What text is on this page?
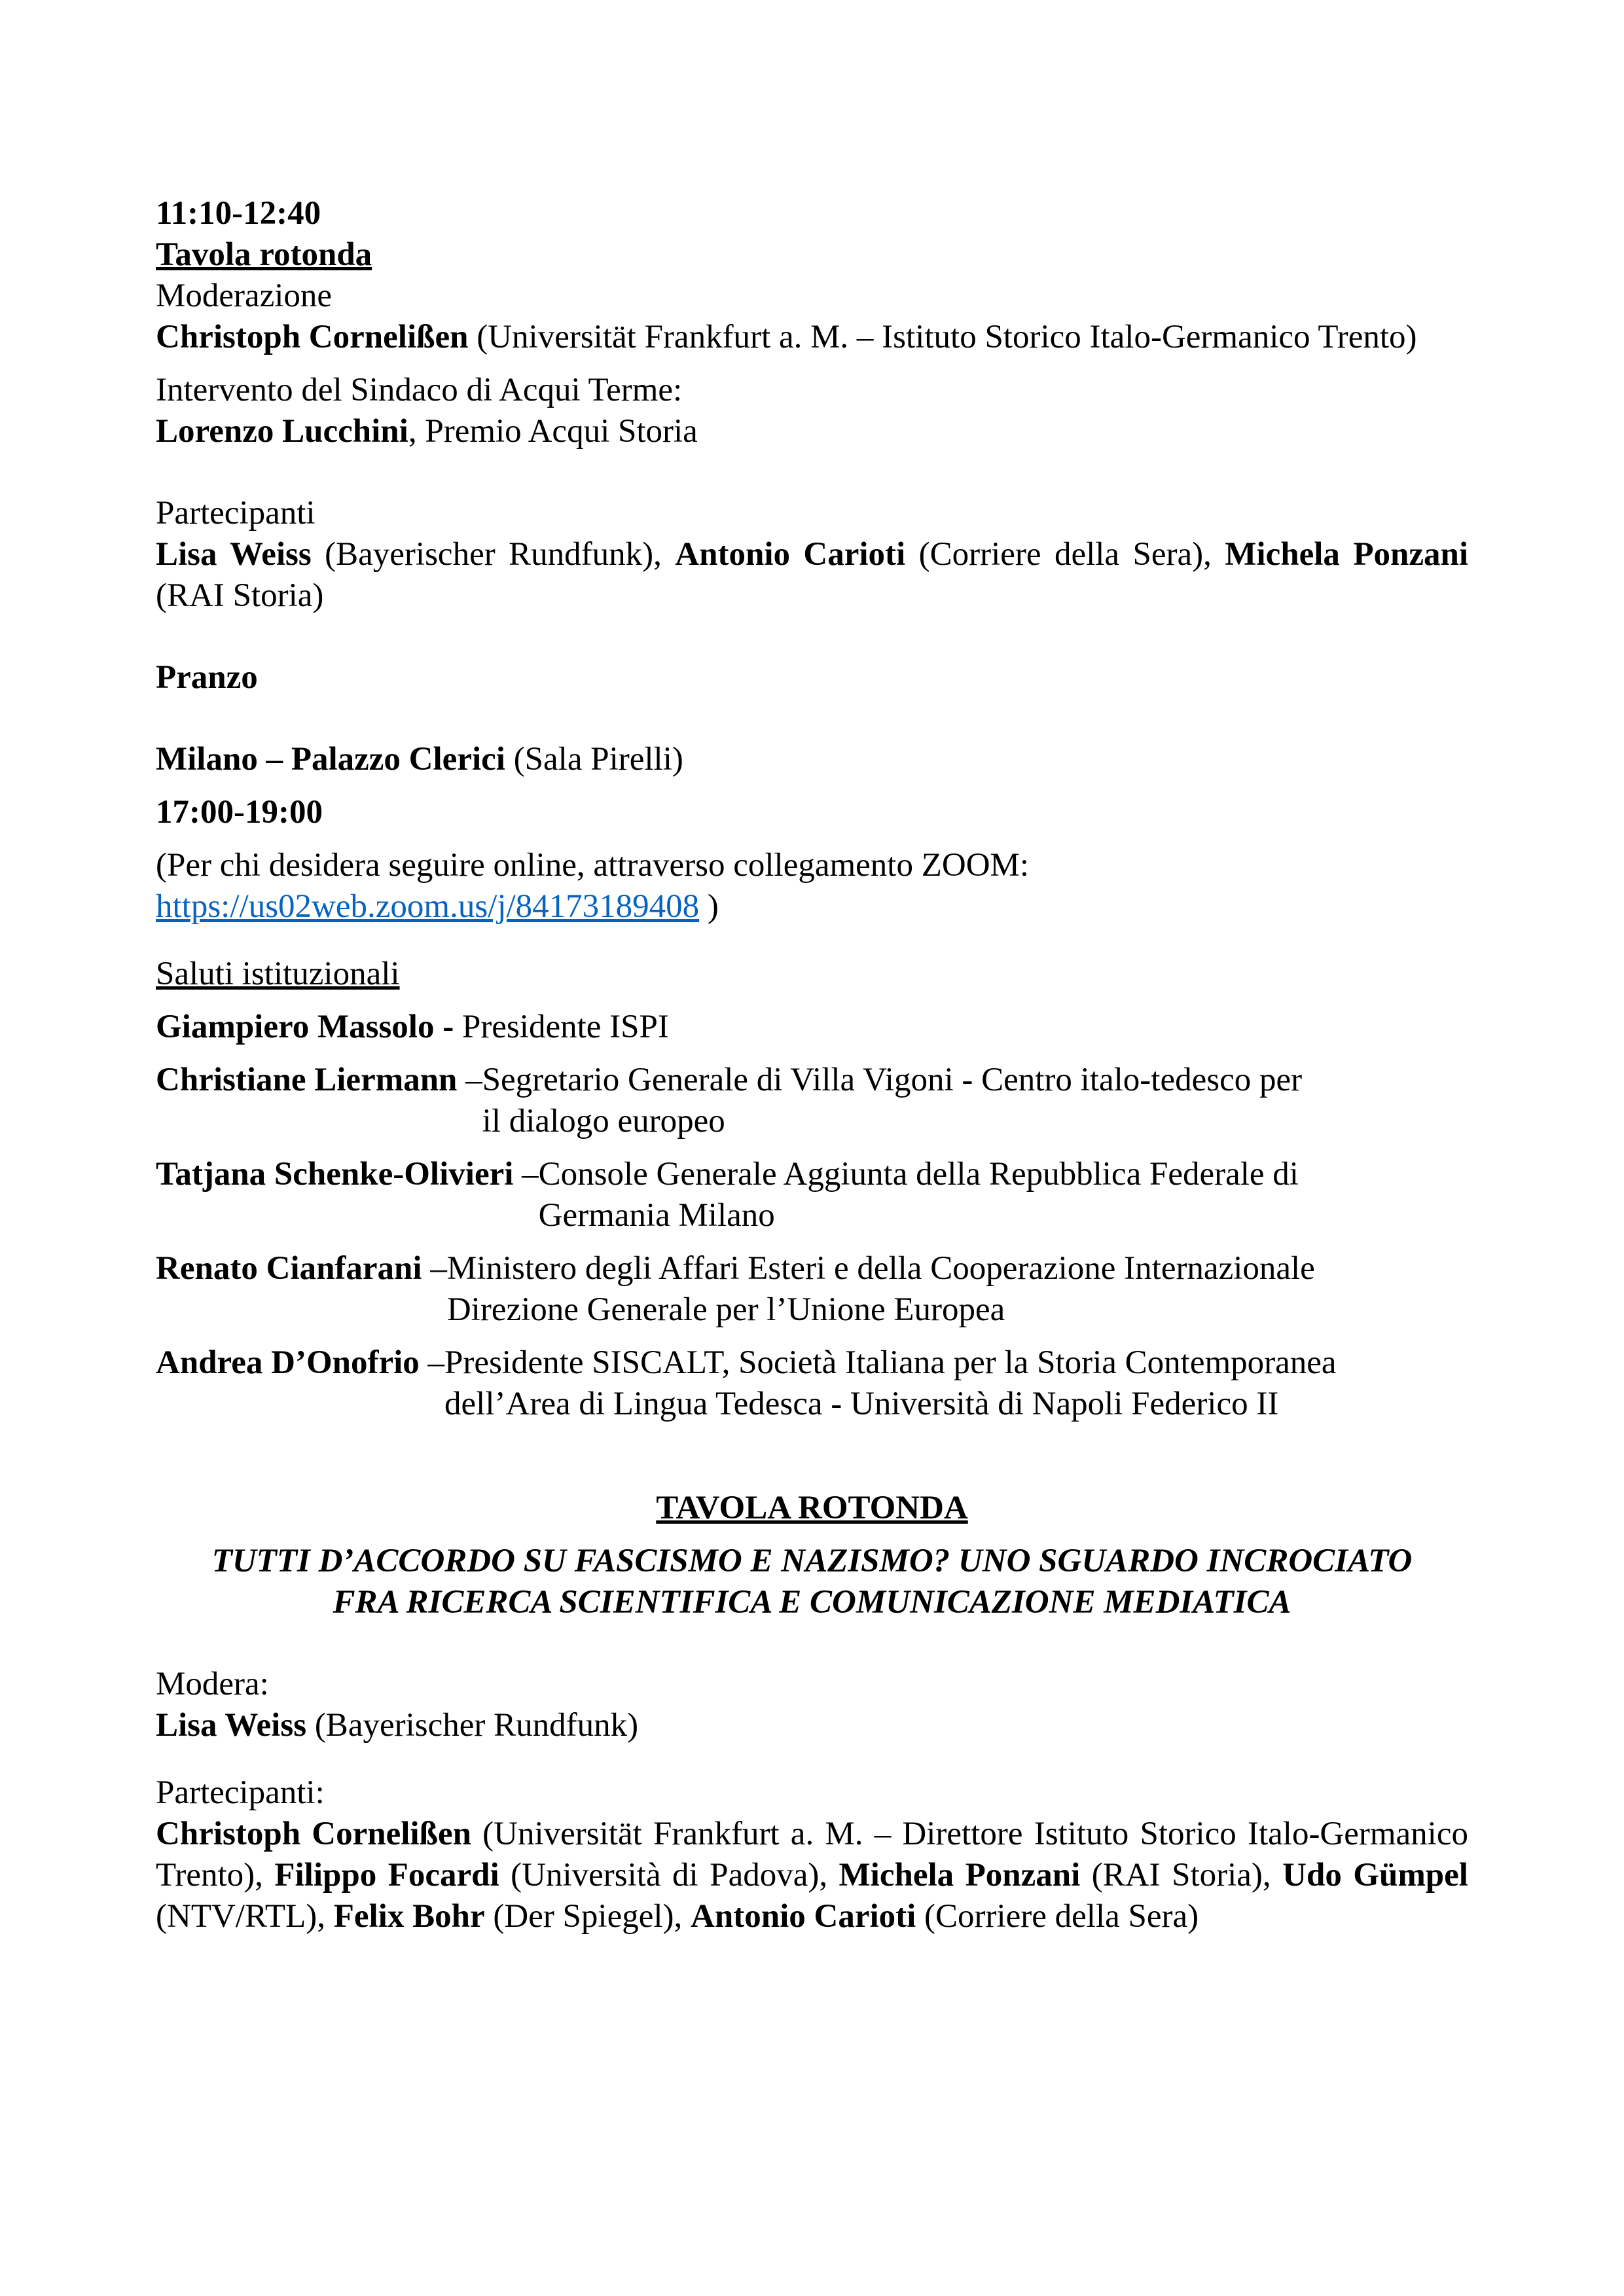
11:10-12:40

Tavola rotonda

Moderazione

Christoph Cornelißen (Universität Frankfurt a. M. – Istituto Storico Italo-Germanico Trento)

Intervento del Sindaco di Acqui Terme:

Lorenzo Lucchini, Premio Acqui Storia

Partecipanti

Lisa Weiss (Bayerischer Rundfunk), Antonio Carioti (Corriere della Sera), Michela Ponzani (RAI Storia)

Pranzo

Milano – Palazzo Clerici (Sala Pirelli)

17:00-19:00

(Per chi desidera seguire online, attraverso collegamento ZOOM:

https://us02web.zoom.us/j/84173189408 )

Saluti istituzionali

Giampiero Massolo - Presidente ISPI

Christiane Liermann – Segretario Generale di Villa Vigoni - Centro italo-tedesco per il dialogo europeo
Tatjana Schenke-Olivieri – Console Generale Aggiunta della Repubblica Federale di Germania Milano
Renato Cianfarani – Ministero degli Affari Esteri e della Cooperazione Internazionale Direzione Generale per l’Unione Europea
Andrea D’Onofrio – Presidente SISCALT, Società Italiana per la Storia Contemporanea dell’Area di Lingua Tedesca - Università di Napoli Federico II

TAVOLA ROTONDA

TUTTI D’ACCORDO SU FASCISMO E NAZISMO? UNO SGUARDO INCROCIATO

FRA RICERCA SCIENTIFICA E COMUNICAZIONE MEDIATICA

Modera:

Lisa Weiss (Bayerischer Rundfunk)

Partecipanti:

Christoph Cornelißen (Universität Frankfurt a. M. – Direttore Istituto Storico Italo-Germanico Trento), Filippo Focardi (Università di Padova), Michela Ponzani (RAI Storia), Udo Gümpel (NTV/RTL), Felix Bohr (Der Spiegel), Antonio Carioti (Corriere della Sera)
